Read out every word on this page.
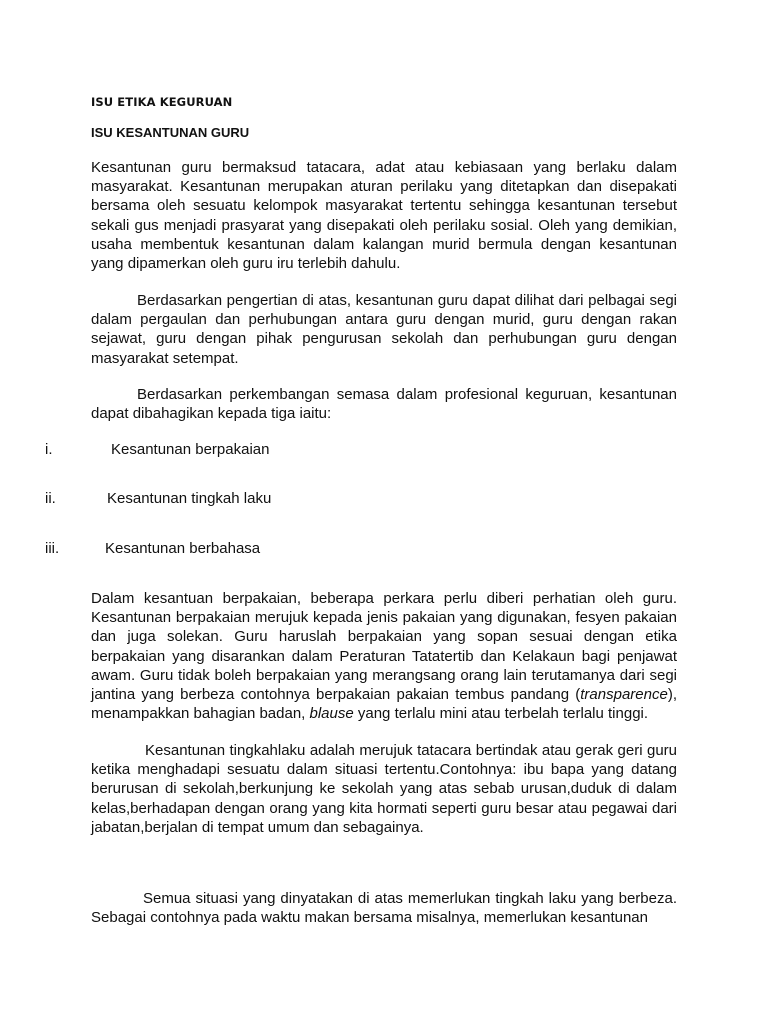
ISU ETIKA KEGURUAN
ISU KESANTUNAN GURU

Kesantunan guru bermaksud tatacara, adat atau kebiasaan yang berlaku dalam masyarakat. Kesantunan merupakan aturan perilaku yang ditetapkan dan disepakati bersama oleh sesuatu kelompok masyarakat tertentu sehingga kesantunan tersebut sekali gus menjadi prasyarat yang disepakati oleh perilaku sosial. Oleh yang demikian, usaha membentuk kesantunan dalam kalangan murid bermula dengan kesantunan yang dipamerkan oleh guru iru terlebih dahulu.

Berdasarkan pengertian di atas, kesantunan guru dapat dilihat dari pelbagai segi dalam pergaulan dan perhubungan antara guru dengan murid, guru dengan rakan sejawat, guru dengan pihak pengurusan sekolah dan perhubungan guru dengan masyarakat setempat.

Berdasarkan perkembangan semasa dalam profesional keguruan, kesantunan dapat dibahagikan kepada tiga iaitu:

i.	Kesantunan berpakaian
ii.	Kesantunan tingkah laku
iii.	Kesantunan berbahasa

Dalam kesantuan berpakaian, beberapa perkara perlu diberi perhatian oleh guru. Kesantunan berpakaian merujuk kepada jenis pakaian yang digunakan, fesyen pakaian dan juga solekan. Guru haruslah berpakaian yang sopan sesuai dengan etika berpakaian yang disarankan dalam Peraturan Tatatertib dan Kelakaun bagi penjawat awam. Guru tidak boleh berpakaian yang merangsang orang lain terutamanya dari segi jantina yang berbeza contohnya berpakaian pakaian tembus pandang (transparence), menampakkan bahagian badan, blause yang terlalu mini atau terbelah terlalu tinggi.

Kesantunan tingkahlaku adalah merujuk tatacara bertindak atau gerak geri guru ketika menghadapi sesuatu dalam situasi tertentu.Contohnya: ibu bapa yang datang berurusan di sekolah,berkunjung ke sekolah yang atas sebab urusan,duduk di dalam kelas,berhadapan dengan orang yang kita hormati seperti guru besar atau pegawai dari jabatan,berjalan di tempat umum dan sebagainya.

Semua situasi yang dinyatakan di atas memerlukan tingkah laku yang berbeza. Sebagai contohnya pada waktu makan bersama misalnya, memerlukan kesantunan
